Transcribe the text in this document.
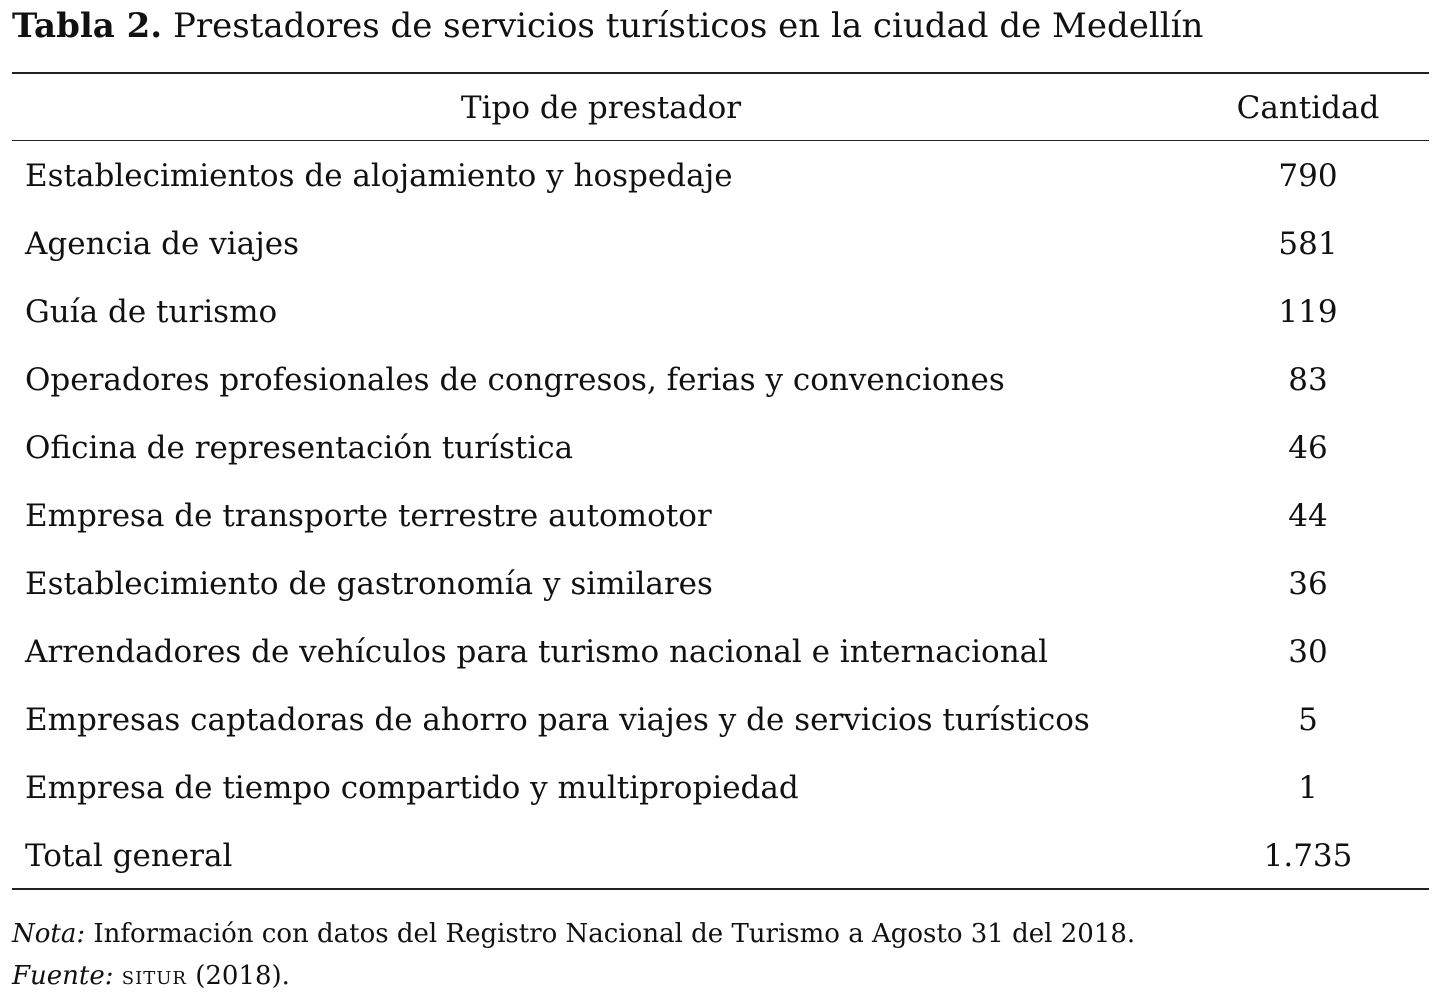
Tabla 2. Prestadores de servicios turísticos en la ciudad de Medellín
Tipo de prestador	Cantidad
Establecimientos de alojamiento y hospedaje	790
Agencia de viajes	581
Guía de turismo	119
Operadores profesionales de congresos, ferias y convenciones	83
Oficina de representación turística	46
Empresa de transporte terrestre automotor	44
Establecimiento de gastronomía y similares	36
Arrendadores de vehículos para turismo nacional e internacional	30
Empresas captadoras de ahorro para viajes y de servicios turísticos	5
Empresa de tiempo compartido y multipropiedad	1
Total general	1.735
Nota: Información con datos del Registro Nacional de Turismo a Agosto 31 del 2018.
Fuente: situr (2018).
